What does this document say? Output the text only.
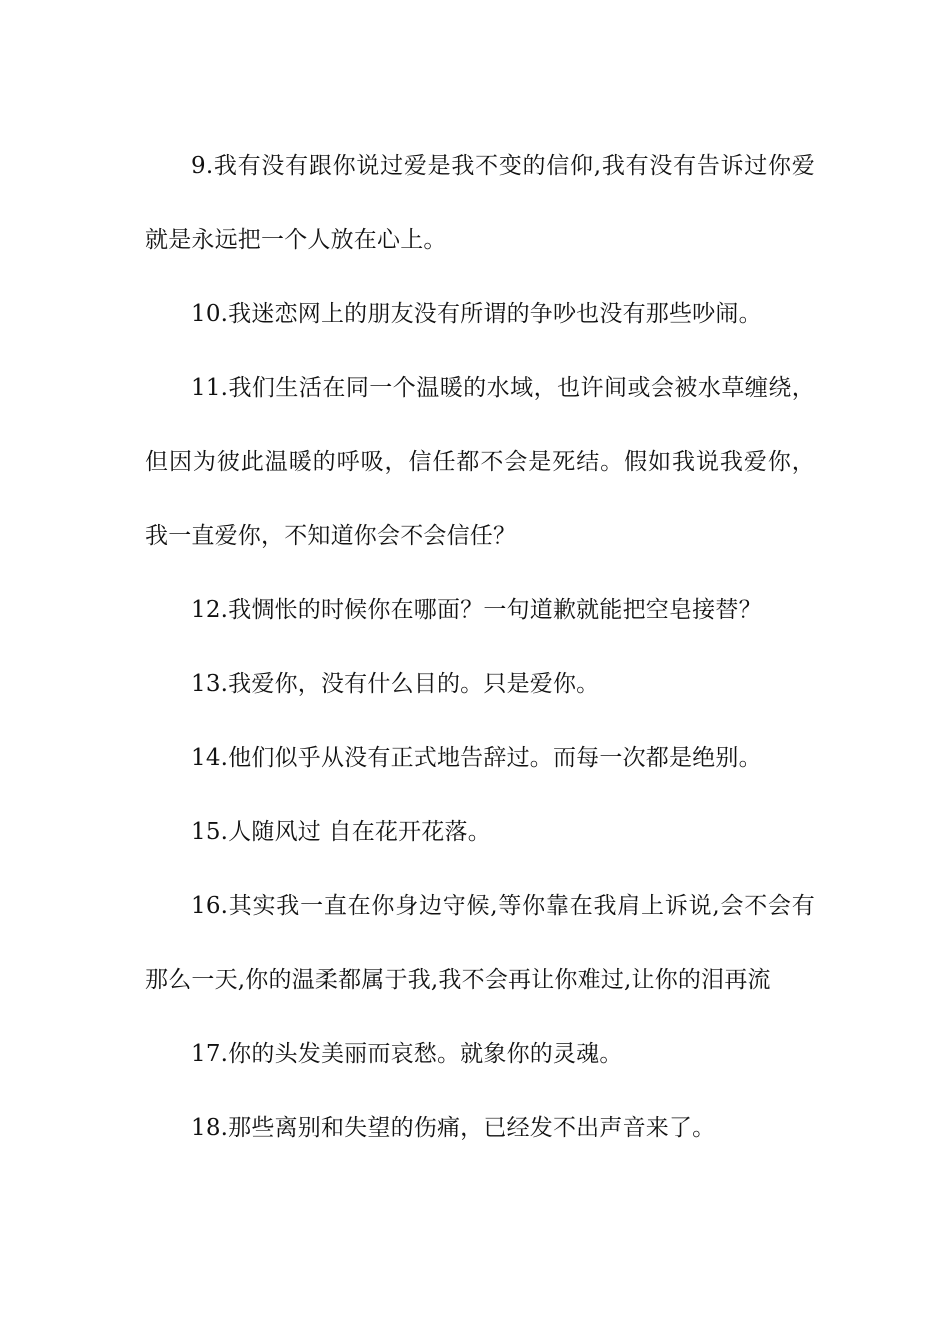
9.我有没有跟你说过爱是我不变的信仰,我有没有告诉过你爱就是永远把一个人放在心上。

10.我迷恋网上的朋友没有所谓的争吵也没有那些吵闹。

11.我们生活在同一个温暖的水域，也许间或会被水草缠绕，但因为彼此温暖的呼吸，信任都不会是死结。假如我说我爱你，我一直爱你，不知道你会不会信任？

12.我惆怅的时候你在哪面？一句道歉就能把空皂接替？

13.我爱你，没有什么目的。只是爱你。

14.他们似乎从没有正式地告辞过。而每一次都是绝别。

15.人随风过 自在花开花落。

16.其实我一直在你身边守候,等你靠在我肩上诉说,会不会有那么一天,你的温柔都属于我,我不会再让你难过,让你的泪再流

17.你的头发美丽而哀愁。就象你的灵魂。

18.那些离别和失望的伤痛，已经发不出声音来了。
